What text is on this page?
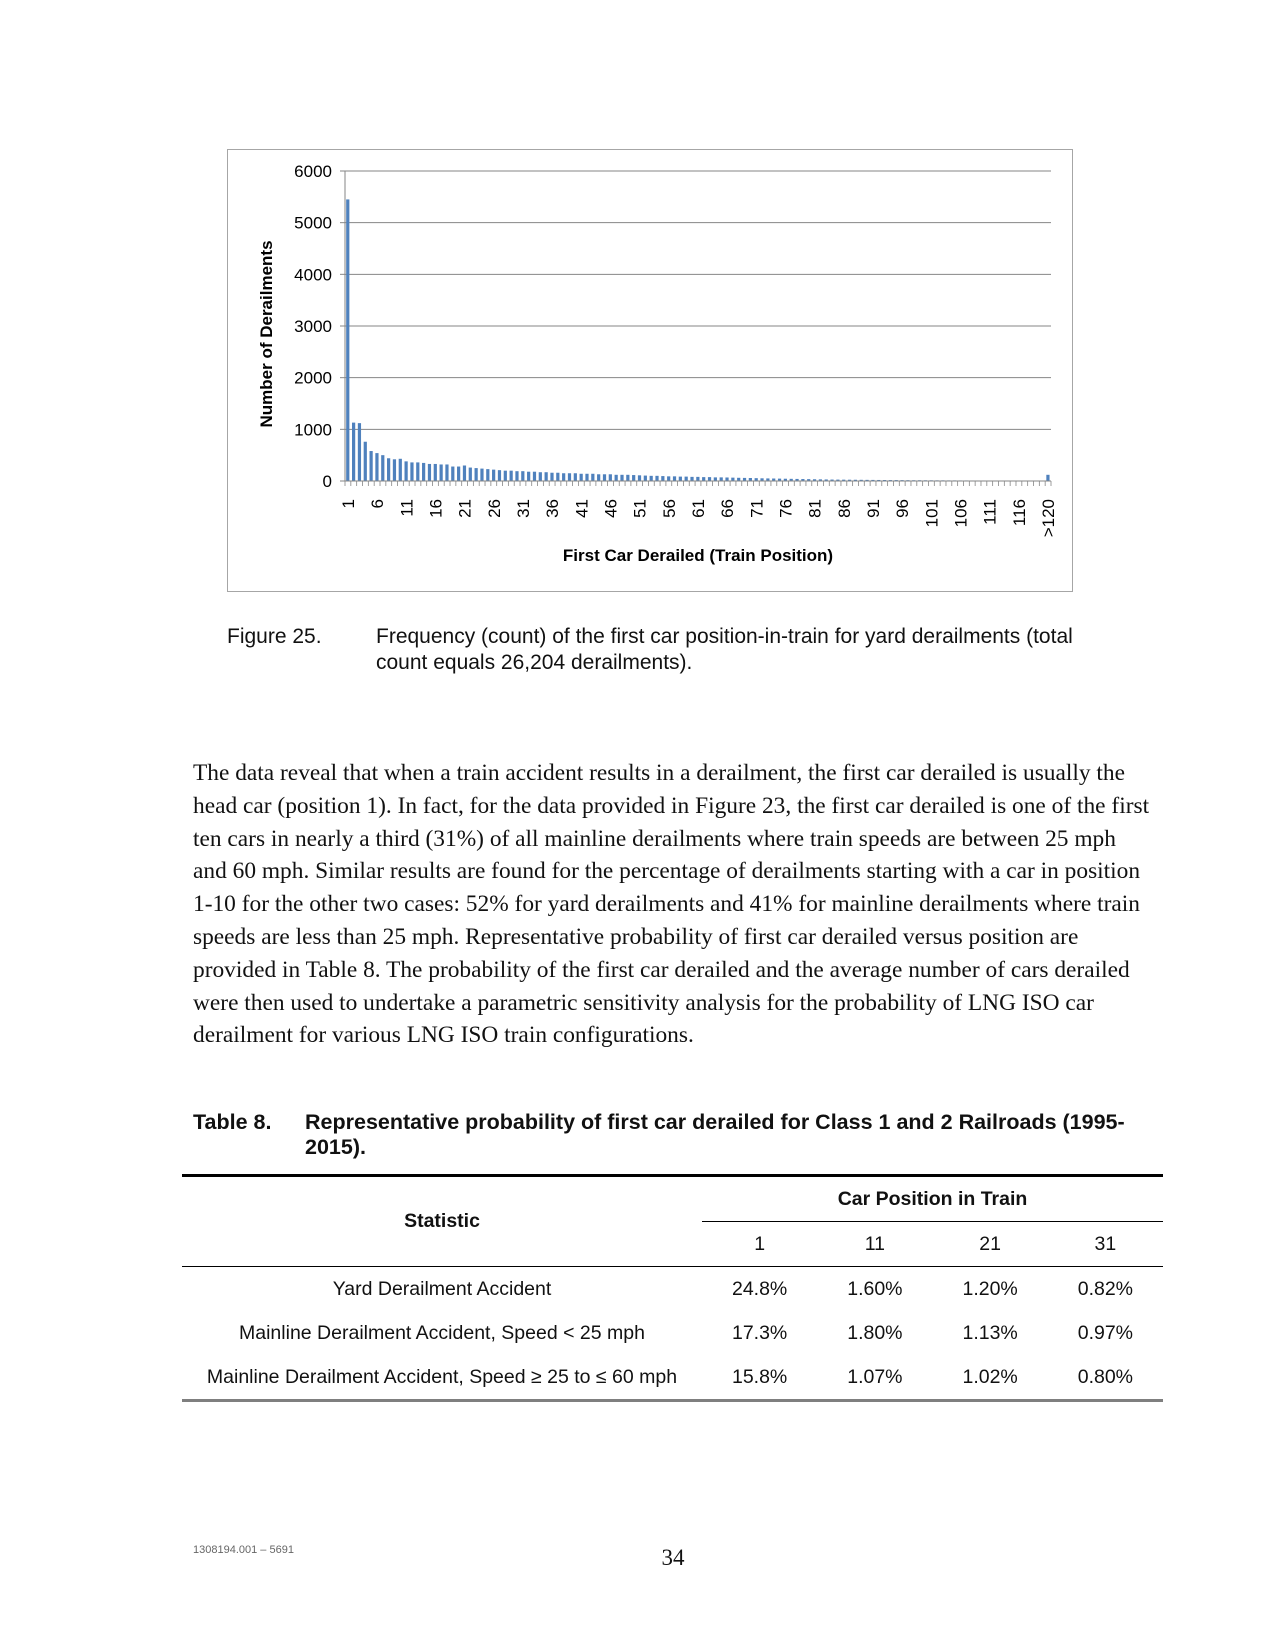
0
1000
2000
3000
4000
5000
6000
1 6 11 16 21 26 31 36 41 46 51 56 61 66 71 76 81 86 91 96 101 106 111 116 >120
Number of Derailments
First Car Derailed (Train Position)
Figure 25.	Frequency (count) of the first car position-in-train for yard derailments (total count equals 26,204 derailments).

The data reveal that when a train accident results in a derailment, the first car derailed is usually the head car (position 1). In fact, for the data provided in Figure 23, the first car derailed is one of the first ten cars in nearly a third (31%) of all mainline derailments where train speeds are between 25 mph and 60 mph. Similar results are found for the percentage of derailments starting with a car in position 1-10 for the other two cases: 52% for yard derailments and 41% for mainline derailments where train speeds are less than 25 mph. Representative probability of first car derailed versus position are provided in Table 8. The probability of the first car derailed and the average number of cars derailed were then used to undertake a parametric sensitivity analysis for the probability of LNG ISO car derailment for various LNG ISO train configurations.

Table 8. Representative probability of first car derailed for Class 1 and 2 Railroads (1995-2015).
Statistic	Car Position in Train			
	1	11	21	31
Yard Derailment Accident	24.8%	1.60%	1.20%	0.82%
Mainline Derailment Accident, Speed < 25 mph	17.3%	1.80%	1.13%	0.97%
Mainline Derailment Accident, Speed ≥ 25 to ≤ 60 mph	15.8%	1.07%	1.02%	0.80%
1308194.001 – 5691	34
